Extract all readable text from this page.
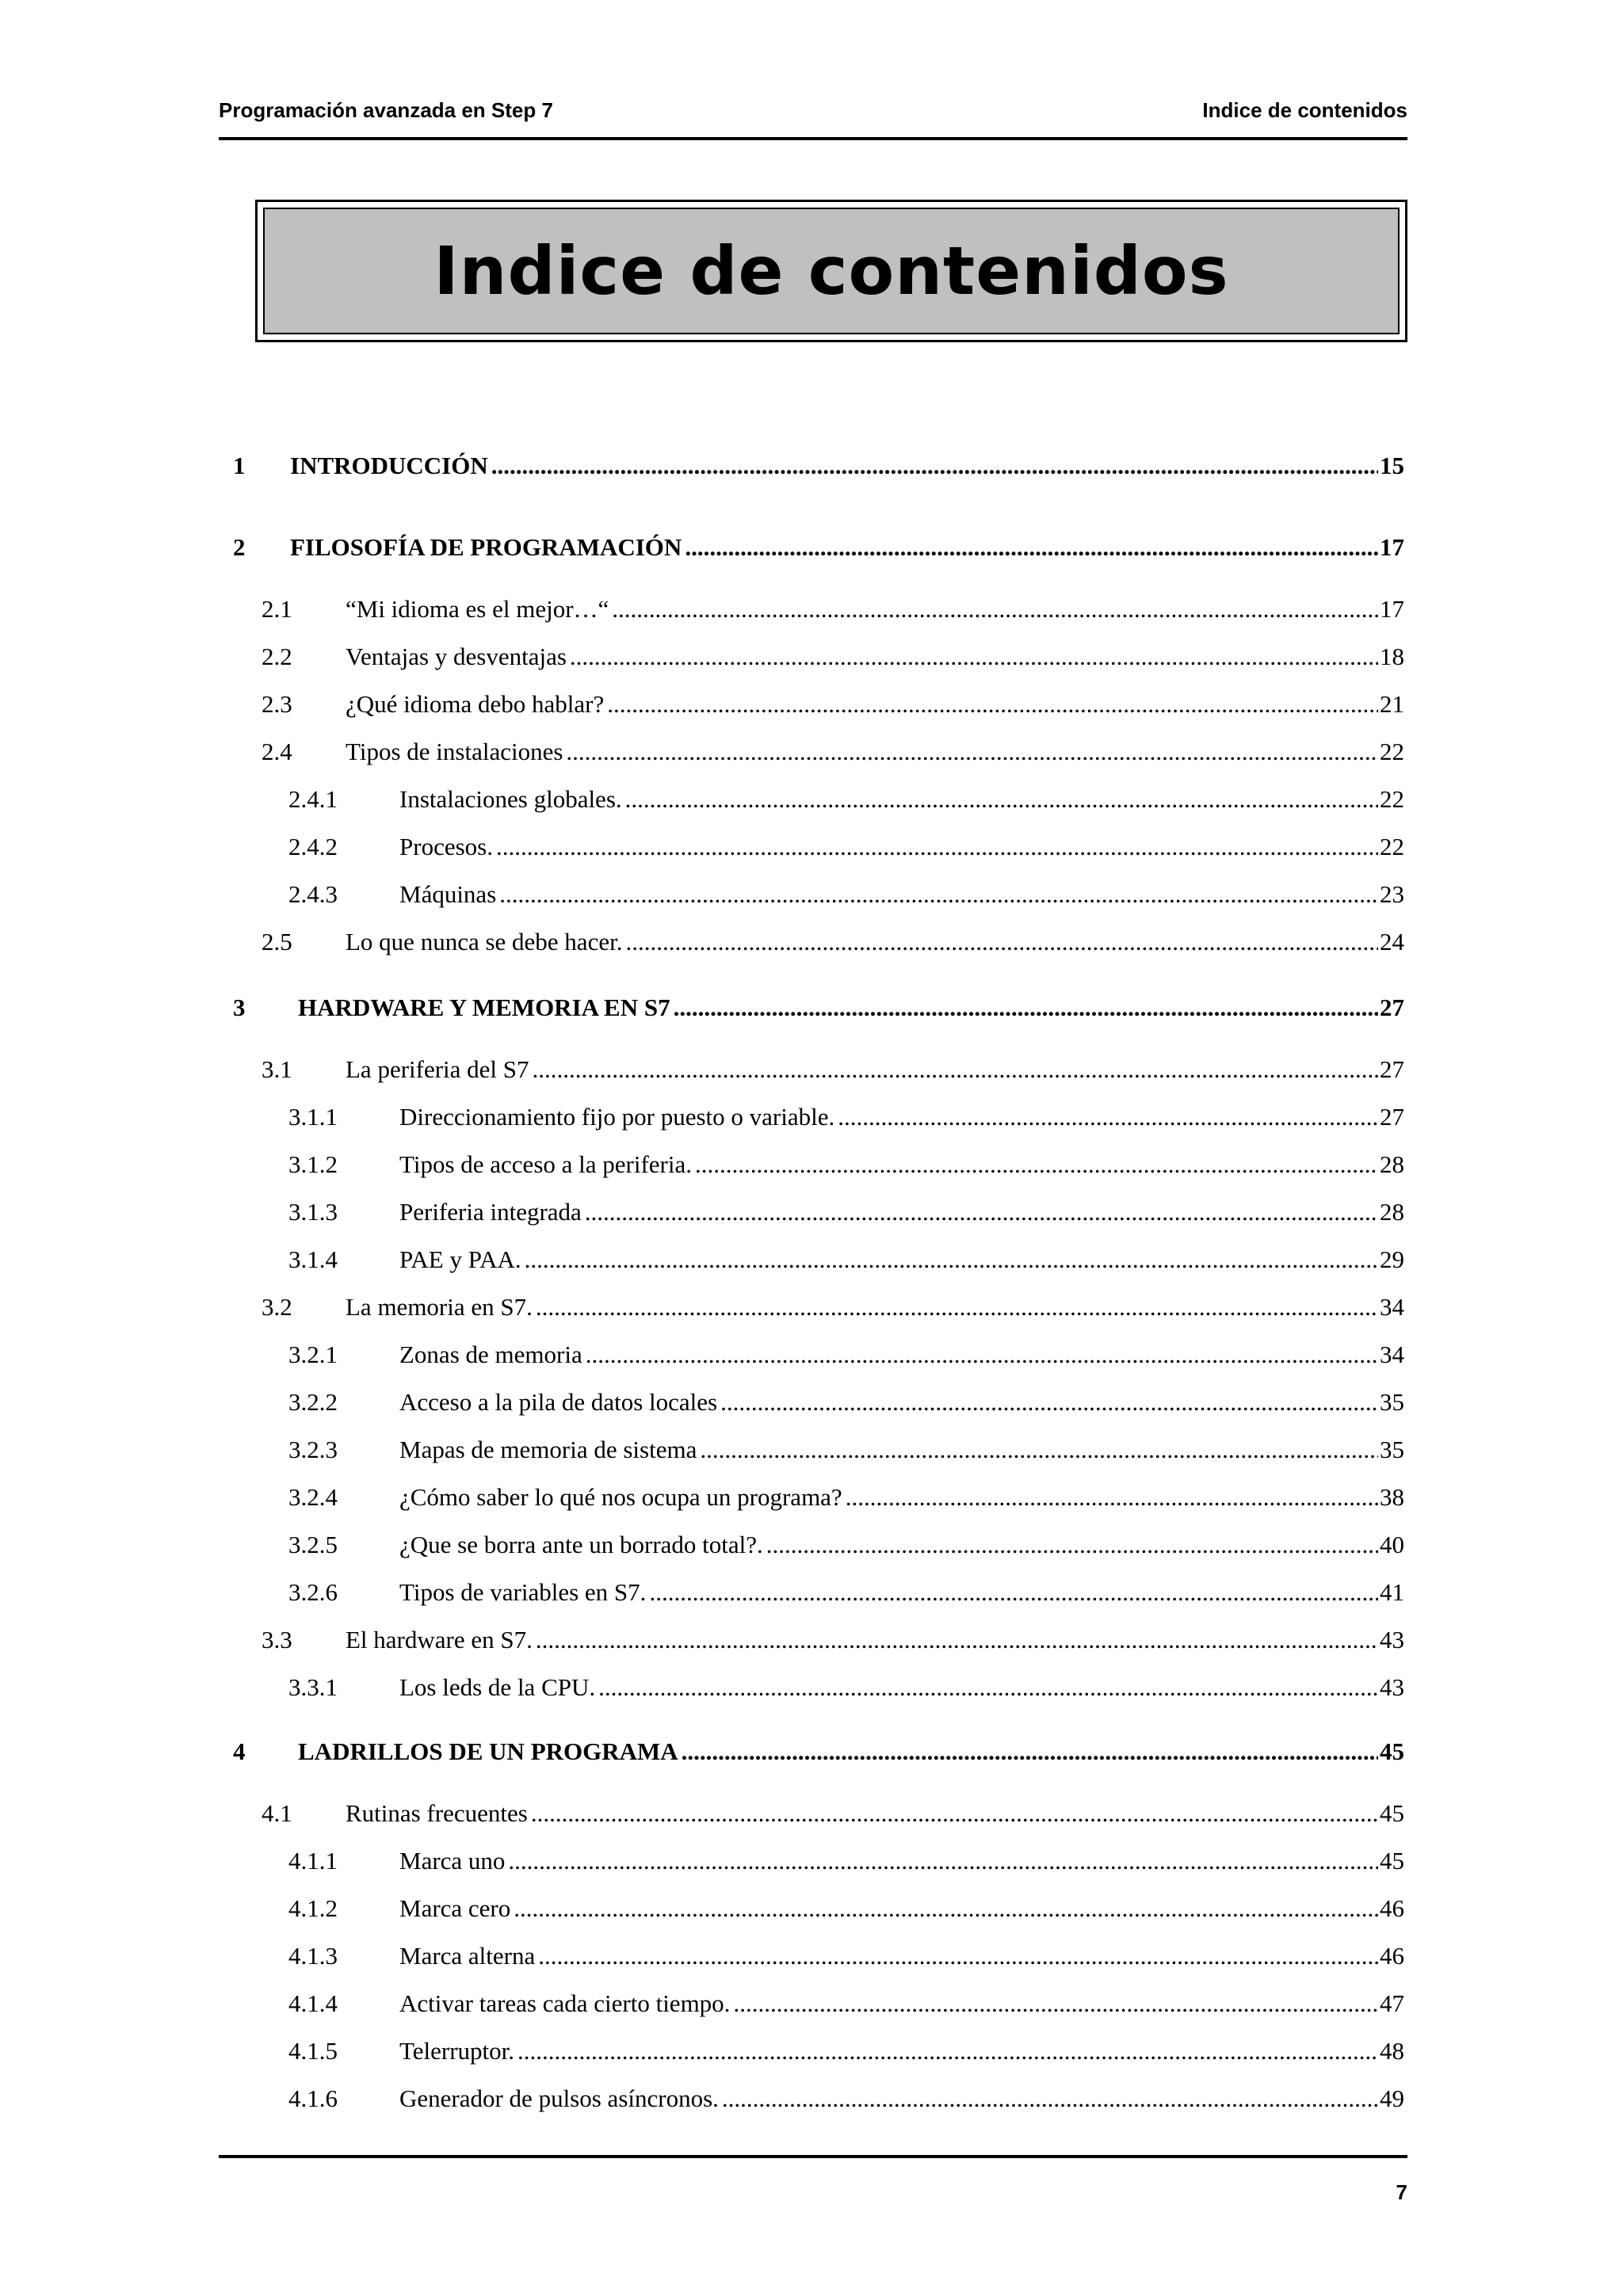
Programación avanzada en Step 7	Indice de contenidos
Indice de contenidos
1	INTRODUCCIÓN .....	15
2	FILOSOFÍA DE PROGRAMACIÓN .....	17
2.1	“Mi idioma es el mejor…“ .....	17
2.2	Ventajas y desventajas .....	18
2.3	¿Qué idioma debo hablar? .....	21
2.4	Tipos de instalaciones .....	22
2.4.1	Instalaciones globales. .....	22
2.4.2	Procesos. .....	22
2.4.3	Máquinas .....	23
2.5	Lo que nunca se debe hacer. .....	24
3	HARDWARE Y MEMORIA EN S7 .....	27
3.1	La periferia del S7 .....	27
3.1.1	Direccionamiento fijo por puesto o variable. .....	27
3.1.2	Tipos de acceso a la periferia. .....	28
3.1.3	Periferia integrada .....	28
3.1.4	PAE y PAA. .....	29
3.2	La memoria en S7. .....	34
3.2.1	Zonas de memoria .....	34
3.2.2	Acceso a la pila de datos locales .....	35
3.2.3	Mapas de memoria de sistema .....	35
3.2.4	¿Cómo saber lo qué nos ocupa un programa? .....	38
3.2.5	¿Que se borra ante un borrado total?. .....	40
3.2.6	Tipos de variables en S7. .....	41
3.3	El hardware en S7. .....	43
3.3.1	Los leds de la CPU. .....	43
4	LADRILLOS DE UN PROGRAMA .....	45
4.1	Rutinas frecuentes .....	45
4.1.1	Marca uno .....	45
4.1.2	Marca cero .....	46
4.1.3	Marca alterna .....	46
4.1.4	Activar tareas cada cierto tiempo. .....	47
4.1.5	Telerruptor. .....	48
4.1.6	Generador de pulsos asíncronos. .....	49
7
